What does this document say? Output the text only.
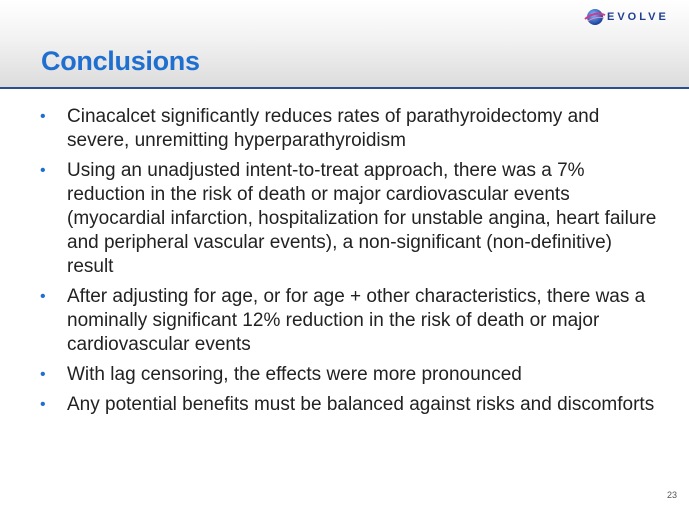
EVOLVE
Conclusions
• Cinacalcet significantly reduces rates of parathyroidectomy and severe, unremitting hyperparathyroidism
• Using an unadjusted intent-to-treat approach, there was a 7% reduction in the risk of death or major cardiovascular events (myocardial infarction, hospitalization for unstable angina, heart failure and peripheral vascular events), a non-significant (non-definitive) result
• After adjusting for age, or for age + other characteristics, there was a nominally significant 12% reduction in the risk of death or major cardiovascular events
• With lag censoring, the effects were more pronounced
• Any potential benefits must be balanced against risks and discomforts
23
